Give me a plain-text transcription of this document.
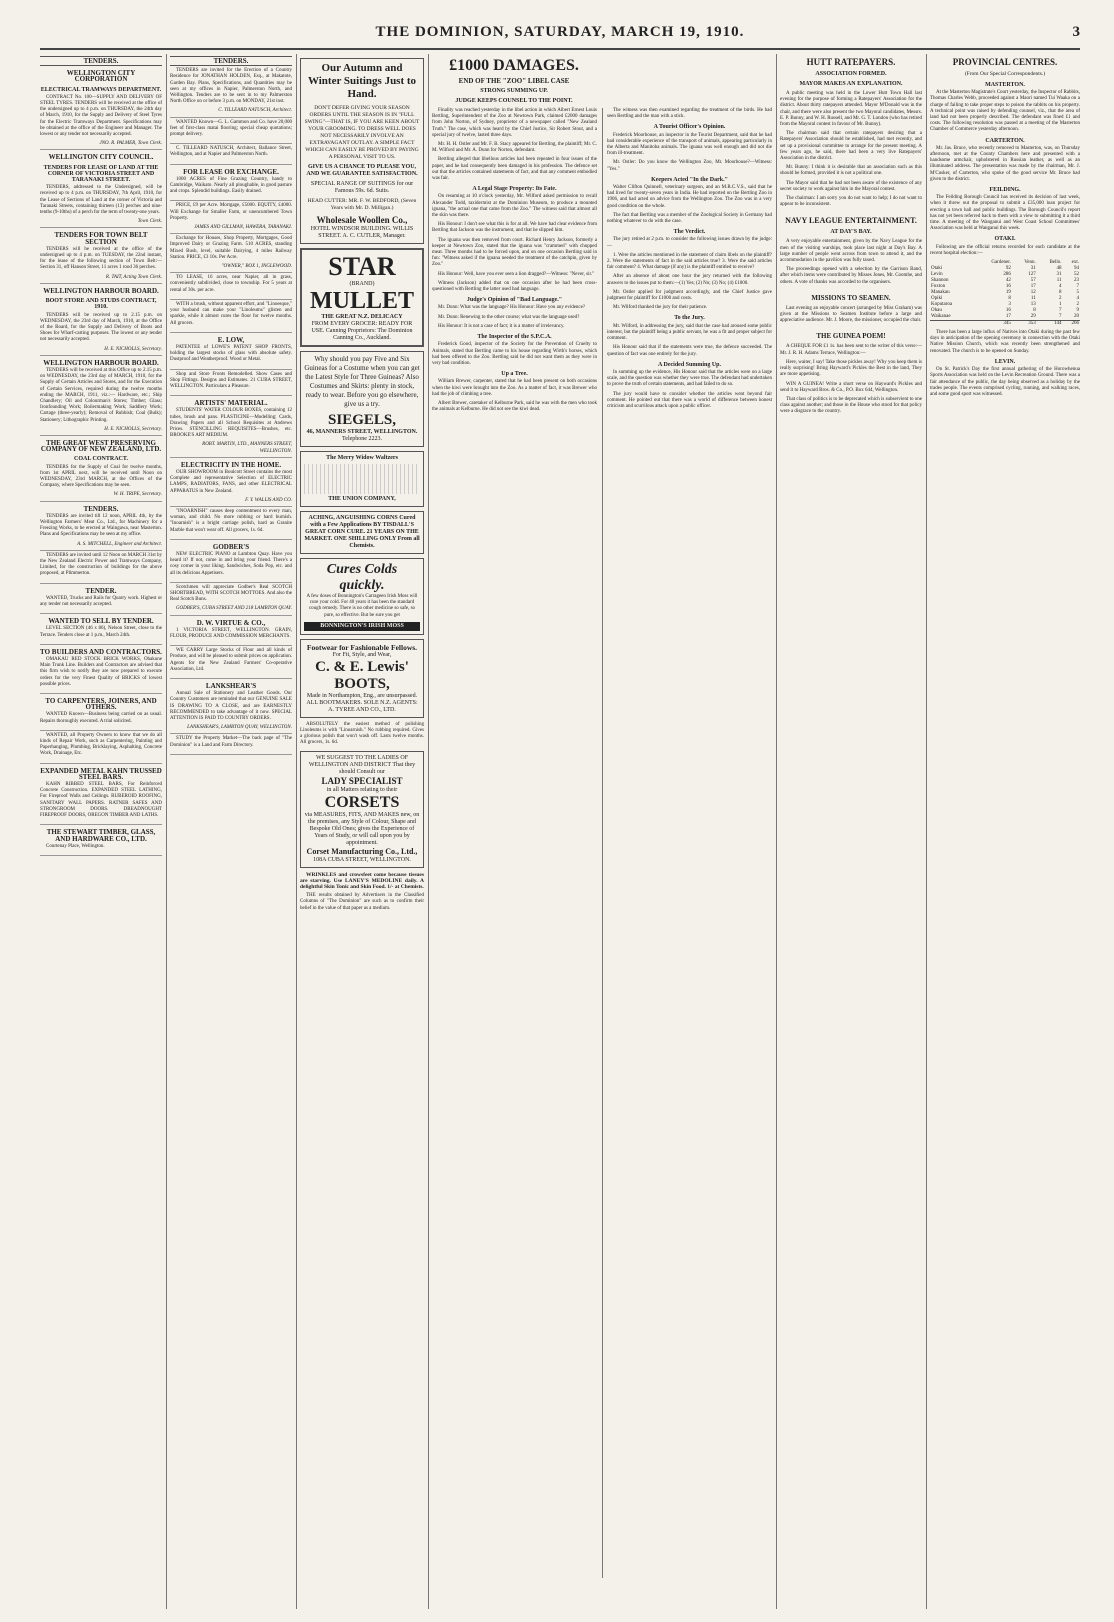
THE DOMINION, SATURDAY, MARCH 19, 1910.	3
TENDERS.
WELLINGTON CITY CORPORATION
ELECTRICAL TRAMWAYS DEPARTMENT.

CONTRACT No. 100—SUPPLY AND DELIVERY OF STEEL TYRES. TENDERS will be received at the office of the undersigned up to 4 p.m. on THURSDAY, the 24th day of March, 1910, for the Supply and Delivery of Steel Tyres for the Electric Tramways Department. Specifications may be obtained at the office of the Engineer and Manager. The lowest or any tender not necessarily accepted.

JNO. R. PALMER, Town Clerk.
WELLINGTON CITY COUNCIL.
TENDERS FOR LEASE OF LAND AT THE CORNER OF VICTORIA STREET AND TARANAKI STREET.

TENDERS, addressed to the Undersigned, will be received up to 4 p.m. on THURSDAY, 7th April, 1910, for the Lease of Sections of Land at the corner of Victoria and Taranaki Streets, containing thirteen (13) perches and nine-tenths (9-10ths) of a perch for the term of twenty-one years.

Town Clerk.
TENDERS FOR TOWN BELT SECTION

TENDERS will be received at the office of the undersigned up to 4 p.m. on TUESDAY, the 22nd instant, for the lease of the following section of Town Belt:— Section 31, off Hanson Street, 11 acres 1 rood 36 perches.

R. TAIT, Acting Town Clerk.
WELLINGTON HARBOUR BOARD.
BOOT STORE AND STUDS CONTRACT, 1910.

TENDERS will be received up to 2.15 p.m. on WEDNESDAY, the 23rd day of March, 1910, at the Office of the Board, for the Supply and Delivery of Boots and Shoes for Wharf-carting purposes. The lowest or any tender not necessarily accepted.

H. E. NICHOLLS, Secretary.
WELLINGTON HARBOUR BOARD.

TENDERS will be received at this Office up to 2.15 p.m. on WEDNESDAY, the 23rd day of MARCH, 1910, for the Supply of Certain Articles and Stores, and for the Execution of Certain Services, required during the twelve months ending the MARCH, 1911, viz.:— Hardware, etc.; Ship Chandlery; Oil and Colourman's Stores; Timber; Glass; Ironfounding Work; Boilermaking Work; Saddlery Work; Cartage (three-yearly); Removal of Rubbish; Coal (Bulk); Stationery; Lithographic Printing.

H. E. NICHOLLS, Secretary.
THE GREAT WEST PRESERVING COMPANY OF NEW ZEALAND, LTD.
COAL CONTRACT.

TENDERS for the Supply of Coal for twelve months, from 1st APRIL next, will be received until Noon on WEDNESDAY, 23rd MARCH, at the Offices of the Company, where Specifications may be seen.

W. H. TRIPE, Secretary.
TENDERS.

TENDERS are invited till 12 noon, APRIL 4th, by the Wellington Farmers' Meat Co., Ltd., for Machinery for a Freezing Works, to be erected at Waingawa, near Masterton. Plans and Specifications may be seen at my office.

A. S. MITCHELL, Engineer and Architect.

TENDERS are invited until 12 Noon on MARCH 31st by the New Zealand Electric Power and Tramways Company, Limited, for the construction of buildings for the above proposed, at Plimmerton.

TENDER.

WANTED, Trucks and Rails for Quarry work. Highest or any tender not necessarily accepted.

WANTED TO SELL BY TENDER.

LEVEL SECTION (46 x 86), Nelson Street, close to the Terrace. Tenders close at 1 p.m., March 24th.

TO BUILDERS AND CONTRACTORS.

OMAKAU RED STOCK BRICK WORKS, Ohakune Main Trunk Line. Builders and Contractors are advised that this firm wish to notify they are now prepared to execute orders for the very Finest Quality of BRICKS of lowest possible prices.

TO CARPENTERS, JOINERS, AND OTHERS.

WANTED Known—Business being carried on as usual. Repairs thoroughly executed. A trial solicited.

WANTED, all Property Owners to know that we do all kinds of Repair Work, such as Carpentering, Painting and Paperhanging, Plumbing, Bricklaying, Asphalting, Concrete Work, Drainage, Etc.

EXPANDED METAL KAHN TRUSSED STEEL BARS.

KAHN RIBBED STEEL BARS, For Reinforced Concrete Construction. EXPANDED STEEL LATHING, For Fireproof Walls and Ceilings. RUBEROID ROOFING, SANITARY WALL PAPERS. RATNER SAFES AND STRONGROOM DOORS. DREADNOUGHT FIREPROOF DOORS, OREGON TIMBER AND LATHS.

THE STEWART TIMBER, GLASS, AND HARDWARE CO., LTD.

Courtenay Place, Wellington.

TENDERS.

TENDERS are invited for the Erection of a Country Residence for JONATHAN HOLDEN, Esq., at Makatote, Garden Bay. Plans, Specifications, and Quantities may be seen at my offices in Napier, Palmerston North, and Wellington. Tenders are to be sent in to my Palmerston North Office on or before 3 p.m. on MONDAY, 21st inst.

C. TILLEARD NATUSCH, Architect.

WANTED Known—G. L. Gammon and Co. have 20,000 feet of first-class matai flooring; special cheap quotations; prompt delivery.

C. TILLEARD NATUSCH, Architect, Ballance Street, Wellington, and at Napier and Palmerston North.

FOR LEASE OR EXCHANGE.

1000 ACRES of Fine Grazing Country, handy to Cambridge, Waikato. Nearly all ploughable, in good pasture and crops. Splendid buildings. Easily drained.

PRICE, £9 per Acre. Mortgage, £5000. EQUITY, £4000. Will Exchange for Smaller Farm, or unencumbered Town Property.

JAMES AND GILLMAN, HAWERA, TARANAKI.

Exchange for Houses, Shop Property, Mortgages, Good Improved Dairy or Grazing Farm. 510 ACRES, standing Mixed Bush, level, suitable Dairying, 4 miles Railway Station. PRICE, £3 10s. Per Acre.

"OWNER," BOX 1, INGLEWOOD.

TO LEASE, 16 acres, near Napier, all in grass, conveniently subdivided, close to township. For 5 years at rental of 30s. per acre.

WITH a brush, without apparent effort, and "Linoesque," your husband can make your "Linoleums" glisten and sparkle, while it almost cures the floor for twelve months. All grocers.

E. LOW,

PATENTEE of LOWE'S PATENT SHOP FRONTS, holding the largest stocks of glass with absolute safety. Dustproof and Weatherproof. Wood or Metal.

Shop and Store Fronts Remodelled. Show Cases and Shop Fittings. Designs and Estimates. 21 CUBA STREET, WELLINGTON. Particulars a Pleasure.

ARTISTS' MATERIAL.

STUDENTS' WATER COLOUR BOXES, containing 12 tubes, brush and pans. PLASTICINE—Modelling; Cards, Drawing Papers and all School Requisites at Andrews Prices. STENCILLING REQUISITES—Brushes, etc. BROOKE'S ART MEDIUM.

ROBT. MARTIN, LTD., MANNERS STREET, WELLINGTON.
ELECTRICITY IN THE HOME.

OUR SHOWROOM in Boulcott Street contains the most Complete and representative Selection of ELECTRIC LAMPS, RADIATORS, FANS, and other ELECTRICAL APPARATUS in New Zealand.

F. Y. WALLIS AND CO.

"INOARNISH" causes deep contentment to every man, woman, and child. No more rubbing or hard burnish. "Inoarnish" is a bright carriage polish, hard as Granite Marble that won't wear off. All grocers, 1s. 6d.

GODBER'S

NEW ELECTRIC PIANO at Lambton Quay. Have you heard it? If not, come in and bring your friend. There's a cosy corner in your liking. Sandwiches, Soda Pop, etc. and all its delicious Appetisers.

Scotchmen will appreciate Godber's Real SCOTCH SHORTBREAD, WITH SCOTCH MOTTOES. And also the Real Scotch Buns.

GODBER'S, CUBA STREET AND 218 LAMBTON QUAY.
D. W. VIRTUE & CO.,

1 VICTORIA STREET, WELLINGTON. GRAIN, FLOUR, PRODUCE AND COMMISSION MERCHANTS.

WE CARRY Large Stocks of Flour and all kinds of Produce, and will be pleased to submit prices on application. Agents for the New Zealand Farmers' Co-operative Association, Ltd.

LANKSHEAR'S

Annual Sale of Stationery and Leather Goods. Our Country Customers are reminded that our GENUINE SALE IS DRAWING TO A CLOSE, and are EARNESTLY RECOMMENDED to take advantage of it now. SPECIAL ATTENTION IS PAID TO COUNTRY ORDERS.

LANKSHEAR'S, LAMBTON QUAY, WELLINGTON.

STUDY the Property Market—The back page of "The Dominion" is a Land and Farm Directory.

Our Autumn and Winter Suitings Just to Hand.

DON'T DEFER GIVING YOUR SEASON ORDERS UNTIL THE SEASON IS IN "FULL SWING"—THAT IS, IF YOU ARE KEEN ABOUT YOUR GROOMING. TO DRESS WELL DOES NOT NECESSARILY INVOLVE AN EXTRAVAGANT OUTLAY. A SIMPLE FACT WHICH CAN EASILY BE PROVED BY PAYING A PERSONAL VISIT TO US.

GIVE US A CHANCE TO PLEASE YOU, AND WE GUARANTEE SATISFACTION.

SPECIAL RANGE OF SUITINGS for our Famous 59s. 6d. Suits.

HEAD CUTTER: MR. F. W. BEDFORD, (Seven Years with Mr. D. Milligan.)

Wholesale Woollen Co.,
HOTEL WINDSOR BUILDING. WILLIS STREET. A. C. CUTLER, Manager.
STAR
(BRAND)
MULLET
THE GREAT N.Z. DELICACY
FROM EVERY GROCER: READY FOR USE. Canning Proprietors: The Dominion Canning Co., Auckland.

Why should you pay Five and Six Guineas for a Costume when you can get the Latest Style for Three Guineas? Also Costumes and Skirts: plenty in stock, ready to wear. Before you go elsewhere, give us a try.

SIEGELS,
46, MANNERS STREET, WELLINGTON.
Telephone 2223.
The Merry Widow Waltzers
THE UNION COMPANY,
ACHING, ANGUISHING CORNS Cured with a Few Applications BY TISDALL'S GREAT CORN CURE. 21 YEARS ON THE MARKET. ONE SHILLING ONLY From all Chemists.
Cures Colds quickly.

A few doses of Bonnington's Carrageen Irish Moss will cure your cold. For 40 years it has been the standard cough remedy. There is no other medicine so safe, so pure, so effective. But be sure you get

BONNINGTON'S IRISH MOSS
Footwear for Fashionable Fellows.
For Fit, Style, and Wear,
C. & E. Lewis' BOOTS,
Made in Northampton, Eng., are unsurpassed. ALL BOOTMAKERS. SOLE N.Z. AGENTS: A. TYREE AND CO., LTD.

ABSOLUTELY the easiest method of polishing Linoleums is with "Linoarnish." No rubbing required. Gives a glorious polish that won't wash off. Lasts twelve months. All grocers, 1s. 6d.

WE SUGGEST TO THE LADIES OF WELLINGTON AND DISTRICT That they should Consult our
LADY SPECIALIST
in all Matters relating to their
CORSETS
via MEASURES, FITS, AND MAKES new, on the premises, any Style of Colour, Shape and Bespoke Old Ones; gives the Experience of Years of Study, or will call upon you by appointment.
Corset Manufacturing Co., Ltd.,
108A CUBA STREET, WELLINGTON.

WRINKLES and crowsfeet come because tissues are starving. Use LANEY'S MEDOLINE daily. A delightful Skin Tonic and Skin Food. 1/- at Chemists.

THE results obtained by Advertisers in the Classified Columns of "The Dominion" are such as to confirm their belief in the value of that paper as a medium.

£1000 DAMAGES.
END OF THE "ZOO" LIBEL CASE
STRONG SUMMING UP.
JUDGE KEEPS COUNSEL TO THE POINT.

Finality was reached yesterday in the libel action in which Albert Ernest Louis Bertling, Superintendent of the Zoo at Newtown Park, claimed £2000 damages from John Norton, of Sydney, proprietor of a newspaper called "New Zealand Truth." The case, which was heard by the Chief Justice, Sir Robert Stout, and a special jury of twelve, lasted three days.

Mr. H. H. Ostler and Mr. F. B. Stacy appeared for Bertling, the plaintiff; Mr. C. M. Wilford and Mr. A. Dunn for Norton, defendant.

Bertling alleged that libellous articles had been repeated in four issues of the paper, and he had consequently been damaged in his profession. The defence set out that the articles contained statements of fact, and that any comment embodied was fair.

A Legal Stage Property: Its Fate.

On resuming at 10 o'clock yesterday, Mr. Wilford asked permission to recall Alexander Todd, taxidermist at the Dominion Museum, to produce a mounted iguana, "the actual one that came from the Zoo." The witness said that almost all the skin was there.

His Honour: I don't see what this is for at all. We have had clear evidence from Bertling that Jackson was the instrument, and that he slipped him.

The iguana was then removed from court. Richard Henry Jackson, formerly a keeper at Newtown Zoo, stated that the iguana was "crammed" with chopped meat. Three months had to be forced upon, and on one occasion Bertling said in fun: "Witness asked if the iguana needed the treatment of the catchpin, given by Zoo."

His Honour: Well, have you ever seen a lion dragged?—Witness: "Never, sir."

Witness (Jackson) added that on one occasion after he had been cross-questioned with Bertling the latter used bad language.

Judge's Opinion of "Bad Language."

Mr. Dunn: What was the language? His Honour: Have you any evidence?

Mr. Dunn: Renewing to the other course; what was the language used?

His Honour: It is not a case of fact; it is a matter of irrelevancy.

The Inspector of the S.P.C.A.

Frederick Good, inspector of the Society for the Prevention of Cruelty to Animals, stated that Bertling came to his house regarding Wirth's horses, which had been offered to the Zoo. Bertling said he did not want them as they were in very bad condition.

Up a Tree.

William Brewer, carpenter, stated that he had been present on both occasions when the kiwi were brought into the Zoo. As a matter of fact, it was Brewer who had the job of climbing a tree.

Albert Brewer, caretaker of Kelburne Park, said he was with the men who took the animals at Kelburne. He did not see the kiwi dead.

The witness was then examined regarding the treatment of the birds. He had seen Bertling and the man with a stick.

A Tourist Officer's Opinion.

Frederick Moorhouse, an inspector in the Tourist Department, said that he had had considerable experience of the transport of animals, appearing particularly in the Alberta and Manitoba animals. The iguana was well enough and did not die from ill-treatment.

Mr. Ostler: Do you know the Wellington Zoo, Mr. Moorhouse?—Witness: "Yes."

Keepers Acted "In the Dark."

Walter Clifton Quinnell, veterinary surgeon, and an M.R.C.V.S., said that he had lived for twenty-seven years in India. He had reported on the Bertling Zoo in 1906, and had acted on advice from the Wellington Zoo. The Zoo was in a very good condition on the whole.

The fact that Bertling was a member of the Zoological Society in Germany had nothing whatever to do with the case.

The Verdict.

The jury retired at 2 p.m. to consider the following issues drawn by the judge:—

1. Were the articles mentioned in the statement of claim libels on the plaintiff? 2. Were the statements of fact in the said articles true? 3. Were the said articles fair comment? 4. What damage (if any) is the plaintiff entitled to receive?

After an absence of about one hour the jury returned with the following answers to the issues put to them:—(1) Yes; (2) No; (3) No; (4) £1000.

Mr. Ostler applied for judgment accordingly, and the Chief Justice gave judgment for plaintiff for £1000 and costs.

Mr. Wilford thanked the jury for their patience.

To the Jury.

Mr. Wilford, in addressing the jury, said that the case had aroused some public interest, but the plaintiff being a public servant, he was a fit and proper subject for comment.

His Honour said that if the statements were true, the defence succeeded. The question of fact was one entirely for the jury.

A Decided Summing Up.

In summing up the evidence, His Honour said that the articles were on a large scale, and the question was whether they were true. The defendant had undertaken to prove the truth of certain statements, and had failed to do so.

The jury would have to consider whether the articles went beyond fair comment. He pointed out that there was a world of difference between honest criticism and scurrilous attack upon a public officer.

HUTT RATEPAYERS.
ASSOCIATION FORMED.
MAYOR MAKES AN EXPLANATION.

A public meeting was held in the Lower Hutt Town Hall last evening for the purpose of forming a Ratepayers' Association for the district. About thirty ratepayers attended. Mayor M'Donald was in the chair, and there were also present the two Mayoral candidates, Messrs. E. P. Bunny, and W. H. Russell, and Mr. G. T. London (who has retired from the Mayoral contest in favour of Mr. Bunny).

The chairman said that certain ratepayers desiring that a Ratepayers' Association should be established, had met recently, and set up a provisional committee to arrange for the present meeting. A few years ago, he said, there had been a very live Ratepayers' Association in the district.

Mr. Bunny: I think it is desirable that an association such as this should be formed, provided it is not a political one.

The Mayor said that he had not been aware of the existence of any secret society to work against him in the Mayoral contest.

The chairman: I am sorry you do not want to help; I do not want to appear to be inconsistent.

NAVY LEAGUE ENTERTAINMENT.
AT DAY'S BAY.

A very enjoyable entertainment, given by the Navy League for the men of the visiting warships, took place last night at Day's Bay. A large number of people went across from town to attend it, and the accommodation in the pavilion was fully taxed.

The proceedings opened with a selection by the Garrison Band, after which items were contributed by Misses Jones, Mr. Coombe, and others. A vote of thanks was accorded to the organisers.

MISSIONS TO SEAMEN.

Last evening an enjoyable concert (arranged by Miss Graham) was given at the Missions to Seamen Institute before a large and appreciative audience. Mr. J. Moore, the missioner, occupied the chair.

THE GUINEA POEM!

A CHEQUE FOR £1 1s. has been sent to the writer of this verse:—Mr. J. R. H. Adams Terrace, Wellington:—

Here, waiter, I say! Take those pickles away! Why you keep them is really surprising! Bring Hayward's Pickles the Best in the land, They are more appetising.

WIN A GUINEA! Write a short verse on Hayward's Pickles and send it to Hayward Bros. & Co., P.O. Box 644, Wellington.

That class of politics is to be deprecated which is subservient to one class against another; and those in the House who stood for that policy were a disgrace to the country.

PROVINCIAL CENTRES.
(From Our Special Correspondents.)
MASTERTON.

At the Masterton Magistrate's Court yesterday, the Inspector of Rabbits, Thomas Charles Webb, proceeded against a Maori named Tui Waaka on a charge of failing to take proper steps to poison the rabbits on his property. A technical point was raised by defending counsel, viz., that the area of land had not been properly described. The defendant was fined £1 and costs. The following resolution was passed at a meeting of the Masterton Chamber of Commerce yesterday afternoon.

CARTERTON.

Mr. Jas. Bruce, who recently removed to Masterton, was, on Thursday afternoon, met at the County Chambers here and presented with a handsome armchair, upholstered in Russian leather, as well as an illuminated address. The presentation was made by the chairman, Mr. J. M'Cusker, of Carterton, who spoke of the good service Mr. Bruce had given to the district.

FEILDING.

The Feilding Borough Council has received its decision of last week, when it threw out the proposal to submit a £35,000 loan project for erecting a town hall and public buildings. The Borough Council's report has not yet been referred back to them with a view to submitting it a third time. A meeting of the Wanganui and West Coast School Committees' Association was held at Wanganui this week.

OTAKI.

Following are the official returns recorded for each candidate at the recent hospital election:—

	Gardener.	Venn.	Bello.	ext.
Otaki	92	31	48	94
Levin	286	127	31	52
Shannon	42	57	11	23
Foxton	16	17	4	7
Manakau	19	12	8	5
Opiki	8	11	2	4
Koputaroa	3	13	1	2
Ohau	16	8	7	9
Waikanae	17	29	7	20
	345	353	144	266

There has been a large influx of Natives into Otaki during the past few days in anticipation of the opening ceremony in connection with the Otaki Native Mission Church, which was recently been strengthened and renovated. The church is to be opened on Sunday.

LEVIN.

On St. Patrick's Day the first annual gathering of the Horowhenua Sports Association was held on the Levin Recreation Ground. There was a fair attendance of the public, the day being observed as a holiday by the trades people. The events comprised cycling, running, and walking races, and some good sport was witnessed.
